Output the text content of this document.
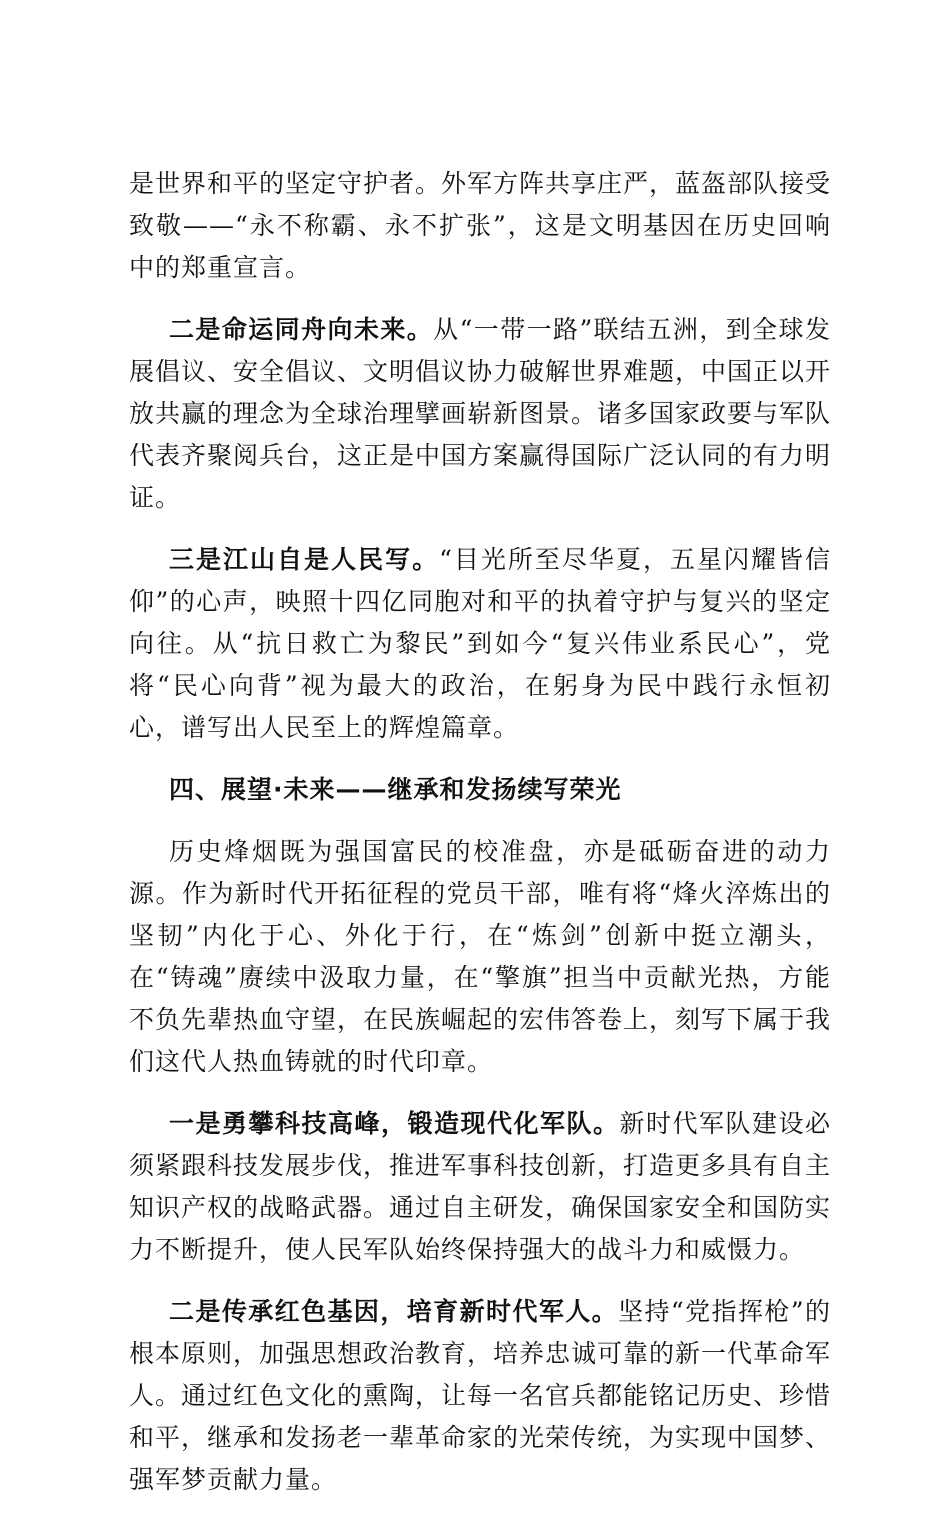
是世界和平的坚定守护者。外军方阵共享庄严，蓝盔部队接受致敬——“永不称霸、永不扩张”，这是文明基因在历史回响中的郑重宣言。

二是命运同舟向未来。从“一带一路”联结五洲，到全球发展倡议、安全倡议、文明倡议协力破解世界难题，中国正以开放共赢的理念为全球治理擘画崭新图景。诸多国家政要与军队代表齐聚阅兵台，这正是中国方案赢得国际广泛认同的有力明证。

三是江山自是人民写。“目光所至尽华夏，五星闪耀皆信仰”的心声，映照十四亿同胞对和平的执着守护与复兴的坚定向往。从“抗日救亡为黎民”到如今“复兴伟业系民心”，党将“民心向背”视为最大的政治，在躬身为民中践行永恒初心，谱写出人民至上的辉煌篇章。

四、展望·未来——继承和发扬续写荣光

历史烽烟既为强国富民的校准盘，亦是砥砺奋进的动力源。作为新时代开拓征程的党员干部，唯有将“烽火淬炼出的坚韧”内化于心、外化于行，在“炼剑”创新中挺立潮头，在“铸魂”赓续中汲取力量，在“擎旗”担当中贡献光热，方能不负先辈热血守望，在民族崛起的宏伟答卷上，刻写下属于我们这代人热血铸就的时代印章。

一是勇攀科技高峰，锻造现代化军队。新时代军队建设必须紧跟科技发展步伐，推进军事科技创新，打造更多具有自主知识产权的战略武器。通过自主研发，确保国家安全和国防实力不断提升，使人民军队始终保持强大的战斗力和威慑力。

二是传承红色基因，培育新时代军人。坚持“党指挥枪”的根本原则，加强思想政治教育，培养忠诚可靠的新一代革命军人。通过红色文化的熏陶，让每一名官兵都能铭记历史、珍惜和平，继承和发扬老一辈革命家的光荣传统，为实现中国梦、强军梦贡献力量。
